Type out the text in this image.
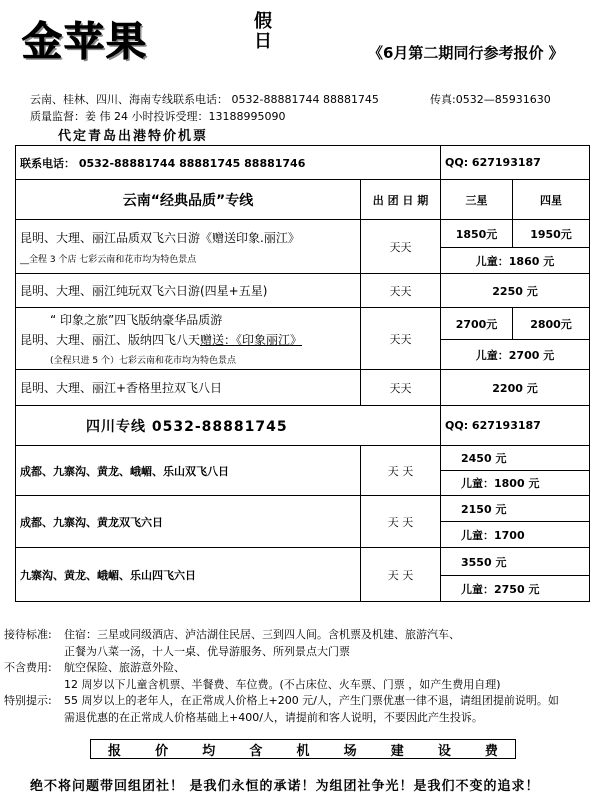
金苹果	假日
《6月第二期同行参考报价 》
云南、桂林、四川、海南专线联系电话： 0532-88881744 88881745	传真:0532—85931630
质量监督：姜 伟 24 小时投诉受理：13188995090
代定青岛出港特价机票
联系电话： 0532-88881744 88881745 88881746		QQ: 627193187	
云南“经典品质”专线	出 团 日 期	三星	四星

昆明、大理、丽江品质双飞六日游《赠送印象.丽江》
__全程 3 个店 七彩云南和花市均为特色景点	天天	1850元	1950元
		儿童：1860 元	
昆明、大理、丽江纯玩双飞六日游(四星+五星)	天天	2250 元	

“ 印象之旅”四飞版纳豪华品质游
昆明、大理、丽江、版纳四飞八天赠送：《印象丽江》
(全程只进 5 个）七彩云南和花市均为特色景点	天天	2700元	2800元
		儿童：2700 元	
昆明、大理、丽江+香格里拉双飞八日	天天	2200 元	
四川专线 0532-88881745		QQ: 627193187	
成都、九寨沟、黄龙、峨嵋、乐山双飞八日	天 天	2450 元	
		儿童：1800 元	
成都、九寨沟、黄龙双飞六日	天 天	2150 元	
		儿童：1700	
九寨沟、黄龙、峨嵋、乐山四飞六日	天 天	3550 元	
		儿童：2750 元	
接待标准:	住宿：三星或同级酒店、泸沽湖住民居、三到四人间。含机票及机建、旅游汽车、
正餐为八菜一汤，十人一桌、优导游服务、所列景点大门票
不含费用:	航空保险、旅游意外险、
12 周岁以下儿童含机票、半餐费、车位费。(不占床位、火车票、门票 ，如产生费用自理)
特别提示:	55 周岁以上的老年人，在正常成人价格上+200 元/人，产生门票优惠一律不退，请组团提前说明。如
需退优惠的在正常成人价格基础上+400/人，请提前和客人说明，不要因此产生投诉。
报	价	均	含	机	场	建	设	费
绝不将问题带回组团社！ 是我们永恒的承诺！为组团社争光！是我们不变的追求！
